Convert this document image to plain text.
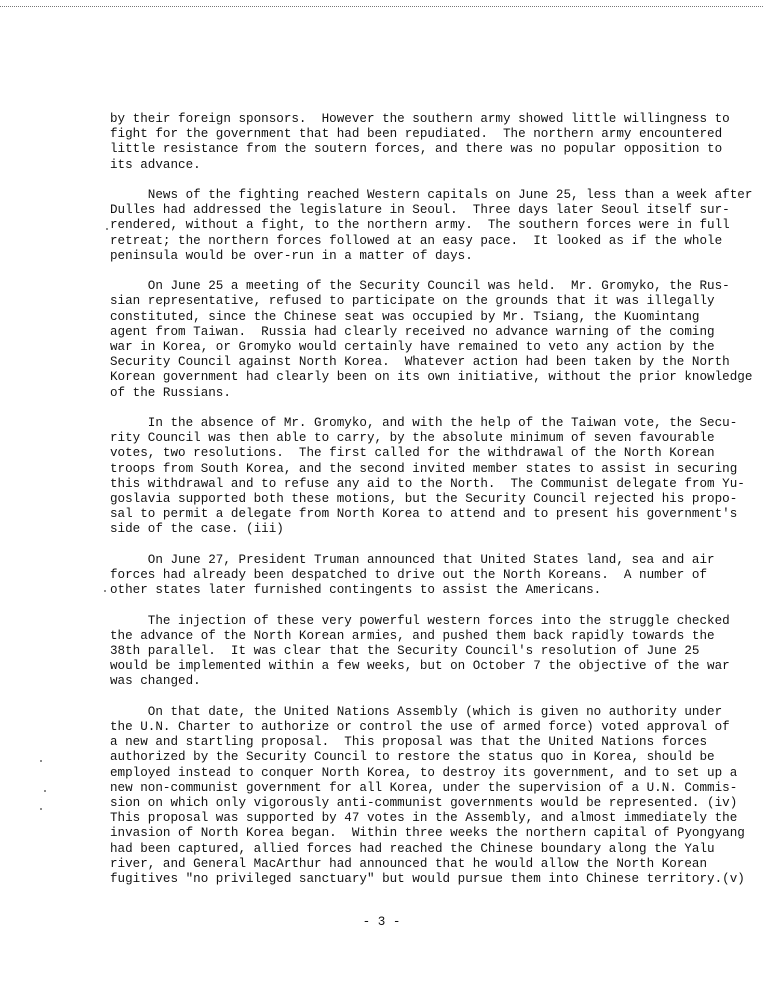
by their foreign sponsors.  However the southern army showed little willingness to
fight for the government that had been repudiated.  The northern army encountered
little resistance from the soutern forces, and there was no popular opposition to
its advance.
News of the fighting reached Western capitals on June 25, less than a week after
Dulles had addressed the legislature in Seoul.  Three days later Seoul itself sur-
rendered, without a fight, to the northern army.  The southern forces were in full
retreat; the northern forces followed at an easy pace.  It looked as if the whole
peninsula would be over-run in a matter of days.
On June 25 a meeting of the Security Council was held.  Mr. Gromyko, the Rus-
sian representative, refused to participate on the grounds that it was illegally
constituted, since the Chinese seat was occupied by Mr. Tsiang, the Kuomintang
agent from Taiwan.  Russia had clearly received no advance warning of the coming
war in Korea, or Gromyko would certainly have remained to veto any action by the
Security Council against North Korea.  Whatever action had been taken by the North
Korean government had clearly been on its own initiative, without the prior knowledge
of the Russians.
In the absence of Mr. Gromyko, and with the help of the Taiwan vote, the Secu-
rity Council was then able to carry, by the absolute minimum of seven favourable
votes, two resolutions.  The first called for the withdrawal of the North Korean
troops from South Korea, and the second invited member states to assist in securing
this withdrawal and to refuse any aid to the North.  The Communist delegate from Yu-
goslavia supported both these motions, but the Security Council rejected his propo-
sal to permit a delegate from North Korea to attend and to present his government's
side of the case. (iii)
On June 27, President Truman announced that United States land, sea and air
forces had already been despatched to drive out the North Koreans.  A number of
other states later furnished contingents to assist the Americans.
The injection of these very powerful western forces into the struggle checked
the advance of the North Korean armies, and pushed them back rapidly towards the
38th parallel.  It was clear that the Security Council's resolution of June 25
would be implemented within a few weeks, but on October 7 the objective of the war
was changed.
On that date, the United Nations Assembly (which is given no authority under
the U.N. Charter to authorize or control the use of armed force) voted approval of
a new and startling proposal.  This proposal was that the United Nations forces
authorized by the Security Council to restore the status quo in Korea, should be
employed instead to conquer North Korea, to destroy its government, and to set up a
new non-communist government for all Korea, under the supervision of a U.N. Commis-
sion on which only vigorously anti-communist governments would be represented. (iv)
This proposal was supported by 47 votes in the Assembly, and almost immediately the
invasion of North Korea began.  Within three weeks the northern capital of Pyongyang
had been captured, allied forces had reached the Chinese boundary along the Yalu
river, and General MacArthur had announced that he would allow the North Korean
fugitives "no privileged sanctuary" but would pursue them into Chinese territory.(v)
- 3 -
